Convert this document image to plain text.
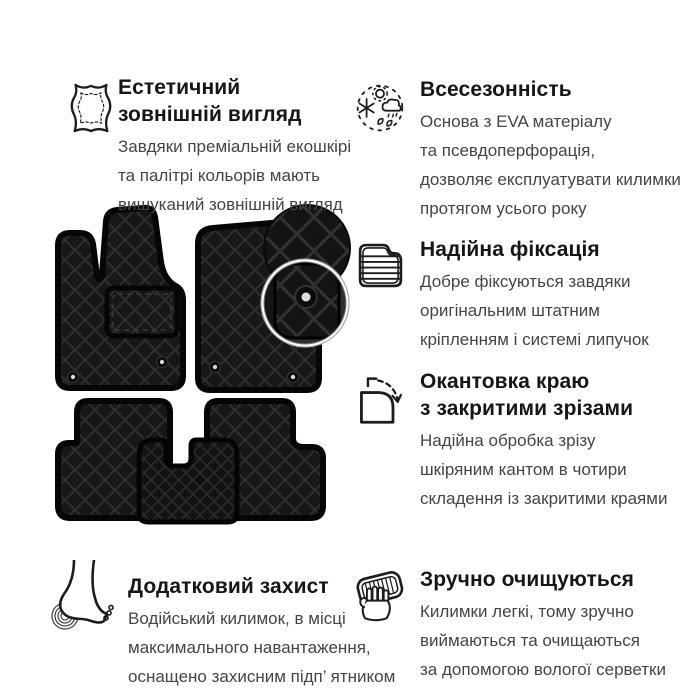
Естетичний
зовнішній вигляд
Завдяки преміальній екошкірі
та палітрі кольорів мають
вишуканий зовнішній вигляд
Всесезонність
Основа з EVA матеріалу
та псевдоперфорація,
дозволяє експлуатувати килимки
протягом усього року
Надійна фіксація
Добре фіксуються завдяки
оригінальним штатним
кріпленням і системі липучок
Окантовка краю
з закритими зрізами
Надійна обробка зрізу
шкіряним кантом в чотири
складення із закритими краями
Додатковий захист
Водійський килимок, в місці
максимального навантаження,
оснащено захисним підп’ ятником
Зручно очищуються
Килимки легкі, тому зручно
виймаються та очищаються
за допомогою вологої серветки
